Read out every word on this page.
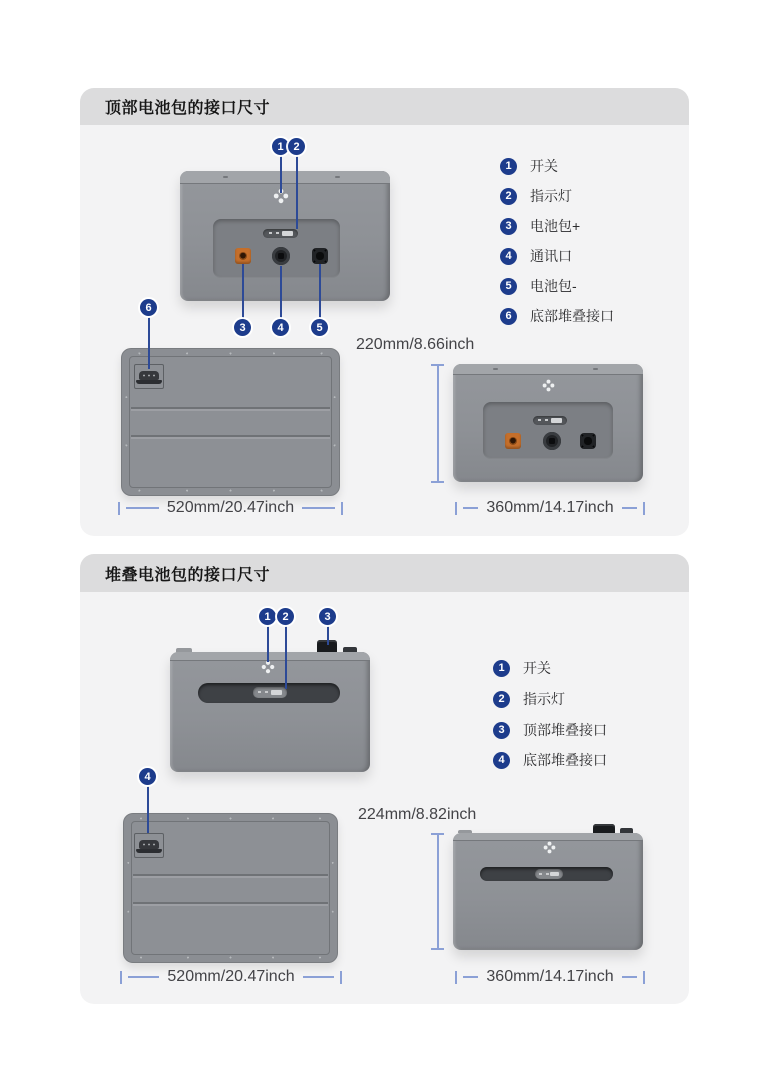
顶部电池包的接口尺寸
1 2
3	4	5
6
520mm/20.47inch
220mm/8.66inch
360mm/14.17inch
1	开关
2	指示灯
3	电池包+
4	通讯口
5	电池包-
6	底部堆叠接口
堆叠电池包的接口尺寸
1	2	3
4
520mm/20.47inch
224mm/8.82inch
360mm/14.17inch
1	开关
2	指示灯
3	顶部堆叠接口
4	底部堆叠接口
